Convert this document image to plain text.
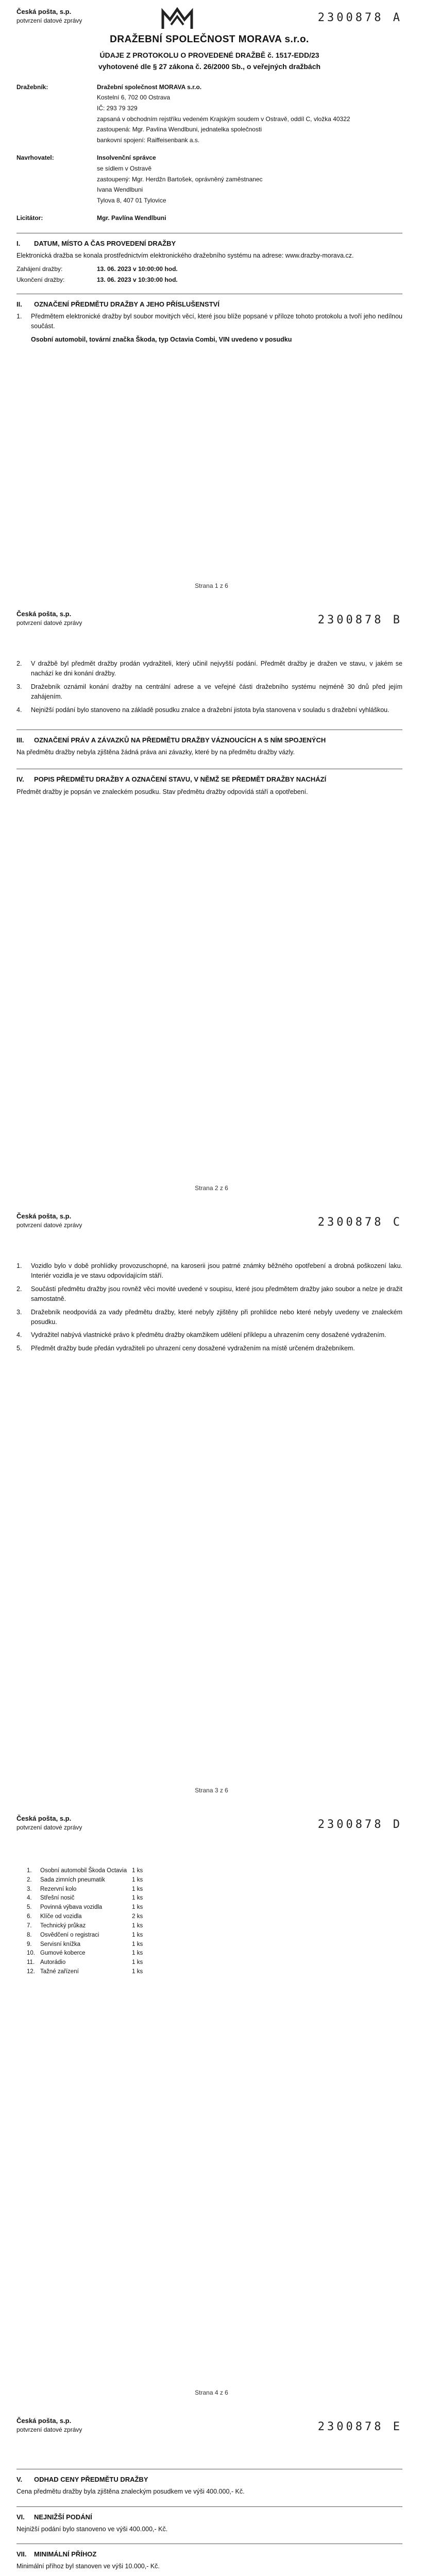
Česká pošta, s.p.
potvrzení datové zprávy	2300878 A
DRAŽEBNÍ SPOLEČNOST MORAVA s.r.o.
ÚDAJE Z PROTOKOLU O PROVEDENÉ DRAŽBĚ č. 1517-EDD/23
vyhotovené dle § 27 zákona č. 26/2000 Sb., o veřejných dražbách
Dražebník:	Dražební společnost MORAVA s.r.o.
	Kostelní 6, 702 00 Ostrava
	IČ: 293 79 329
	zapsaná v obchodním rejstříku vedeném Krajským soudem v Ostravě, oddíl C, vložka 40322
	zastoupená: Mgr. Pavlína Wendlbuni, jednatelka společnosti
	bankovní spojení: Raiffeisenbank a.s.
Navrhovatel:	Insolvenční správce
	se sídlem v Ostravě
	zastoupený: Mgr. Herdžn Bartošek, oprávněný zaměstnanec
	Ivana Wendlbuni
	Tylova 8, 407 01 Tylovice
Licitátor:	Mgr. Pavlína Wendlbuni
I. DATUM, MÍSTO A ČAS PROVEDENÍ DRAŽBY
Elektronická dražba se konala prostřednictvím elektronického dražebního systému na adrese: www.drazby-morava.cz.
Zahájení dražby:	13. 06. 2023 v 10:00:00 hod.
Ukončení dražby:	13. 06. 2023 v 10:30:00 hod.
II. OZNAČENÍ PŘEDMĚTU DRAŽBY A JEHO PŘÍSLUŠENSTVÍ
1.	Předmětem elektronické dražby byl soubor movitých věcí, které jsou blíže popsané v příloze tohoto protokolu a tvoří jeho nedílnou součást.
Osobní automobil, tovární značka Škoda, typ Octavia Combi, VIN uvedeno v posudku
Strana 1 z 6
Česká pošta, s.p.
potvrzení datové zprávy	2300878 B
2.	V dražbě byl předmět dražby prodán vydražiteli, který učinil nejvyšší podání. Předmět dražby je dražen ve stavu, v jakém se nachází ke dni konání dražby.
3.	Dražebník oznámil konání dražby na centrální adrese a ve veřejné části dražebního systému nejméně 30 dnů před jejím zahájením.
4.	Nejnižší podání bylo stanoveno na základě posudku znalce a dražební jistota byla stanovena v souladu s dražební vyhláškou.
III. OZNAČENÍ PRÁV A ZÁVAZKŮ NA PŘEDMĚTU DRAŽBY VÁZNOUCÍCH A S NÍM SPOJENÝCH
Na předmětu dražby nebyla zjištěna žádná práva ani závazky, které by na předmětu dražby vázly.
IV. POPIS PŘEDMĚTU DRAŽBY A OZNAČENÍ STAVU, V NĚMŽ SE PŘEDMĚT DRAŽBY NACHÁZÍ
Předmět dražby je popsán ve znaleckém posudku. Stav předmětu dražby odpovídá stáří a opotřebení.
Strana 2 z 6
Česká pošta, s.p.
potvrzení datové zprávy	2300878 C
1.	Vozidlo bylo v době prohlídky provozuschopné, na karoserii jsou patrné známky běžného opotřebení a drobná poškození laku. Interiér vozidla je ve stavu odpovídajícím stáří.
2.	Součástí předmětu dražby jsou rovněž věci movité uvedené v soupisu, které jsou předmětem dražby jako soubor a nelze je dražit samostatně.
3.	Dražebník neodpovídá za vady předmětu dražby, které nebyly zjištěny při prohlídce nebo které nebyly uvedeny ve znaleckém posudku.
4.	Vydražitel nabývá vlastnické právo k předmětu dražby okamžikem udělení příklepu a uhrazením ceny dosažené vydražením.
5.	Předmět dražby bude předán vydražiteli po uhrazení ceny dosažené vydražením na místě určeném dražebníkem.
Strana 3 z 6
Česká pošta, s.p.
potvrzení datové zprávy	2300878 D
1.	Osobní automobil Škoda Octavia	1 ks
2.	Sada zimních pneumatik	1 ks
3.	Rezervní kolo	1 ks
4.	Střešní nosič	1 ks
5.	Povinná výbava vozidla	1 ks
6.	Klíče od vozidla	2 ks
7.	Technický průkaz	1 ks
8.	Osvědčení o registraci	1 ks
9.	Servisní knížka	1 ks
10.	Gumové koberce	1 ks
11.	Autorádio	1 ks
12.	Tažné zařízení	1 ks
Strana 4 z 6
Česká pošta, s.p.
potvrzení datové zprávy	2300878 E
V. ODHAD CENY PŘEDMĚTU DRAŽBY
Cena předmětu dražby byla zjištěna znaleckým posudkem ve výši 400.000,- Kč.
VI. NEJNIŽŠÍ PODÁNÍ
Nejnižší podání bylo stanoveno ve výši 400.000,- Kč.
VII. MINIMÁLNÍ PŘÍHOZ
Minimální příhoz byl stanoven ve výši 10.000,- Kč.
